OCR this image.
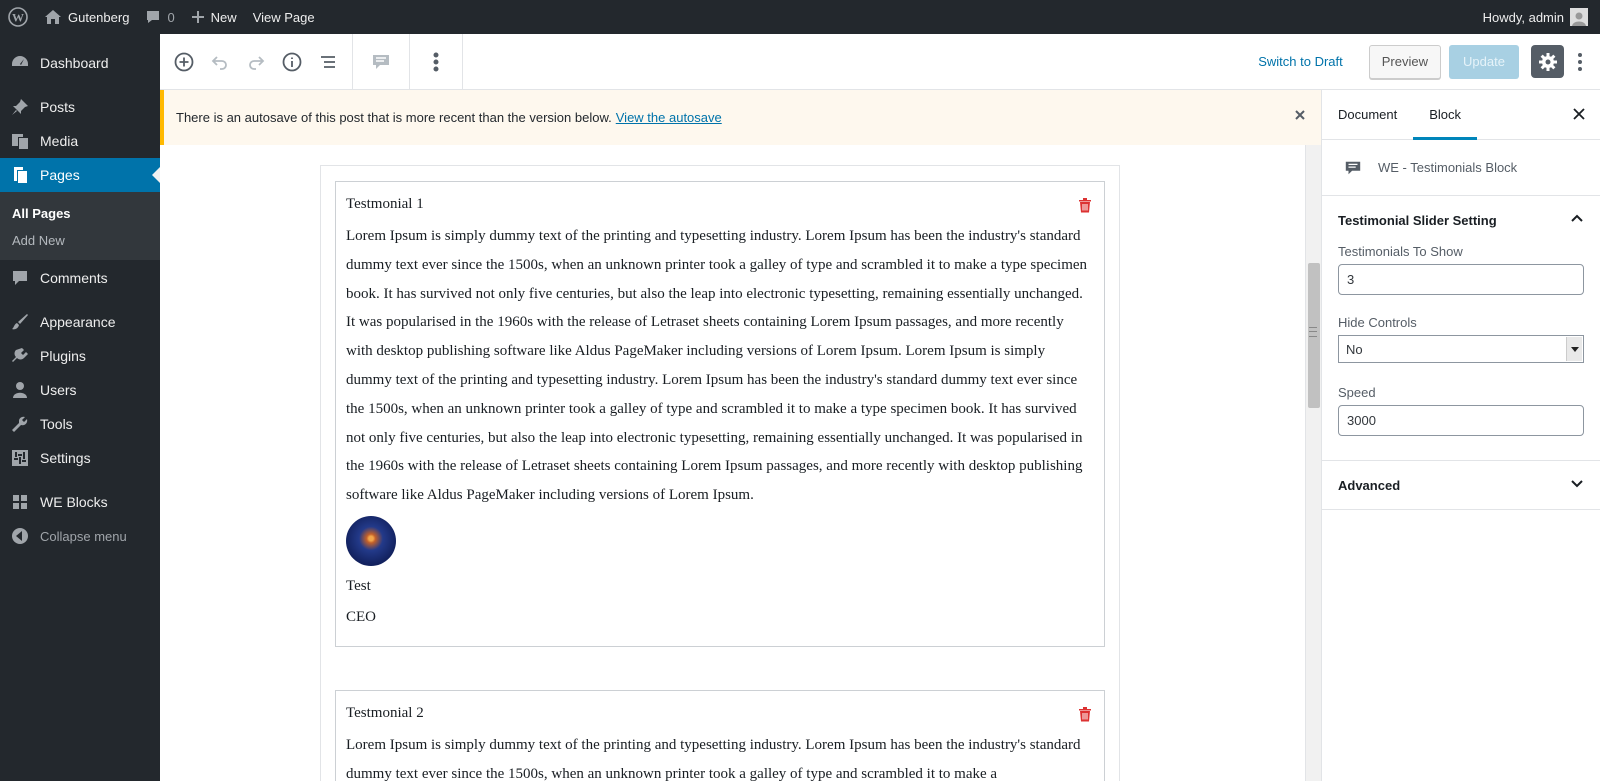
W	Gutenberg	0	New View Page	Howdy, admin
Dashboard
Posts
Media
Pages
All Pages
Add New
Comments
Appearance
Plugins
Users
Tools
Settings
WE Blocks
Collapse menu
Switch to Draft	Preview	Update
There is an autosave of this post that is more recent than the version below. View the autosave
Testmonial 1
Lorem Ipsum is simply dummy text of the printing and typesetting industry. Lorem Ipsum has been the industry's standard dummy text ever since the 1500s, when an unknown printer took a galley of type and scrambled it to make a type specimen book. It has survived not only five centuries, but also the leap into electronic typesetting, remaining essentially unchanged. It was popularised in the 1960s with the release of Letraset sheets containing Lorem Ipsum passages, and more recently with desktop publishing software like Aldus PageMaker including versions of Lorem Ipsum. Lorem Ipsum is simply dummy text of the printing and typesetting industry. Lorem Ipsum has been the industry's standard dummy text ever since the 1500s, when an unknown printer took a galley of type and scrambled it to make a type specimen book. It has survived not only five centuries, but also the leap into electronic typesetting, remaining essentially unchanged. It was popularised in the 1960s with the release of Letraset sheets containing Lorem Ipsum passages, and more recently with desktop publishing software like Aldus PageMaker including versions of Lorem Ipsum.
Test
CEO
Testmonial 2
Lorem Ipsum is simply dummy text of the printing and typesetting industry. Lorem Ipsum has been the industry's standard dummy text ever since the 1500s, when an unknown printer took a galley of type and scrambled it to make a
Document	Block
WE - Testimonials Block
Testimonial Slider Setting
Testimonials To Show
3
Hide Controls
No
Speed
3000
Advanced
